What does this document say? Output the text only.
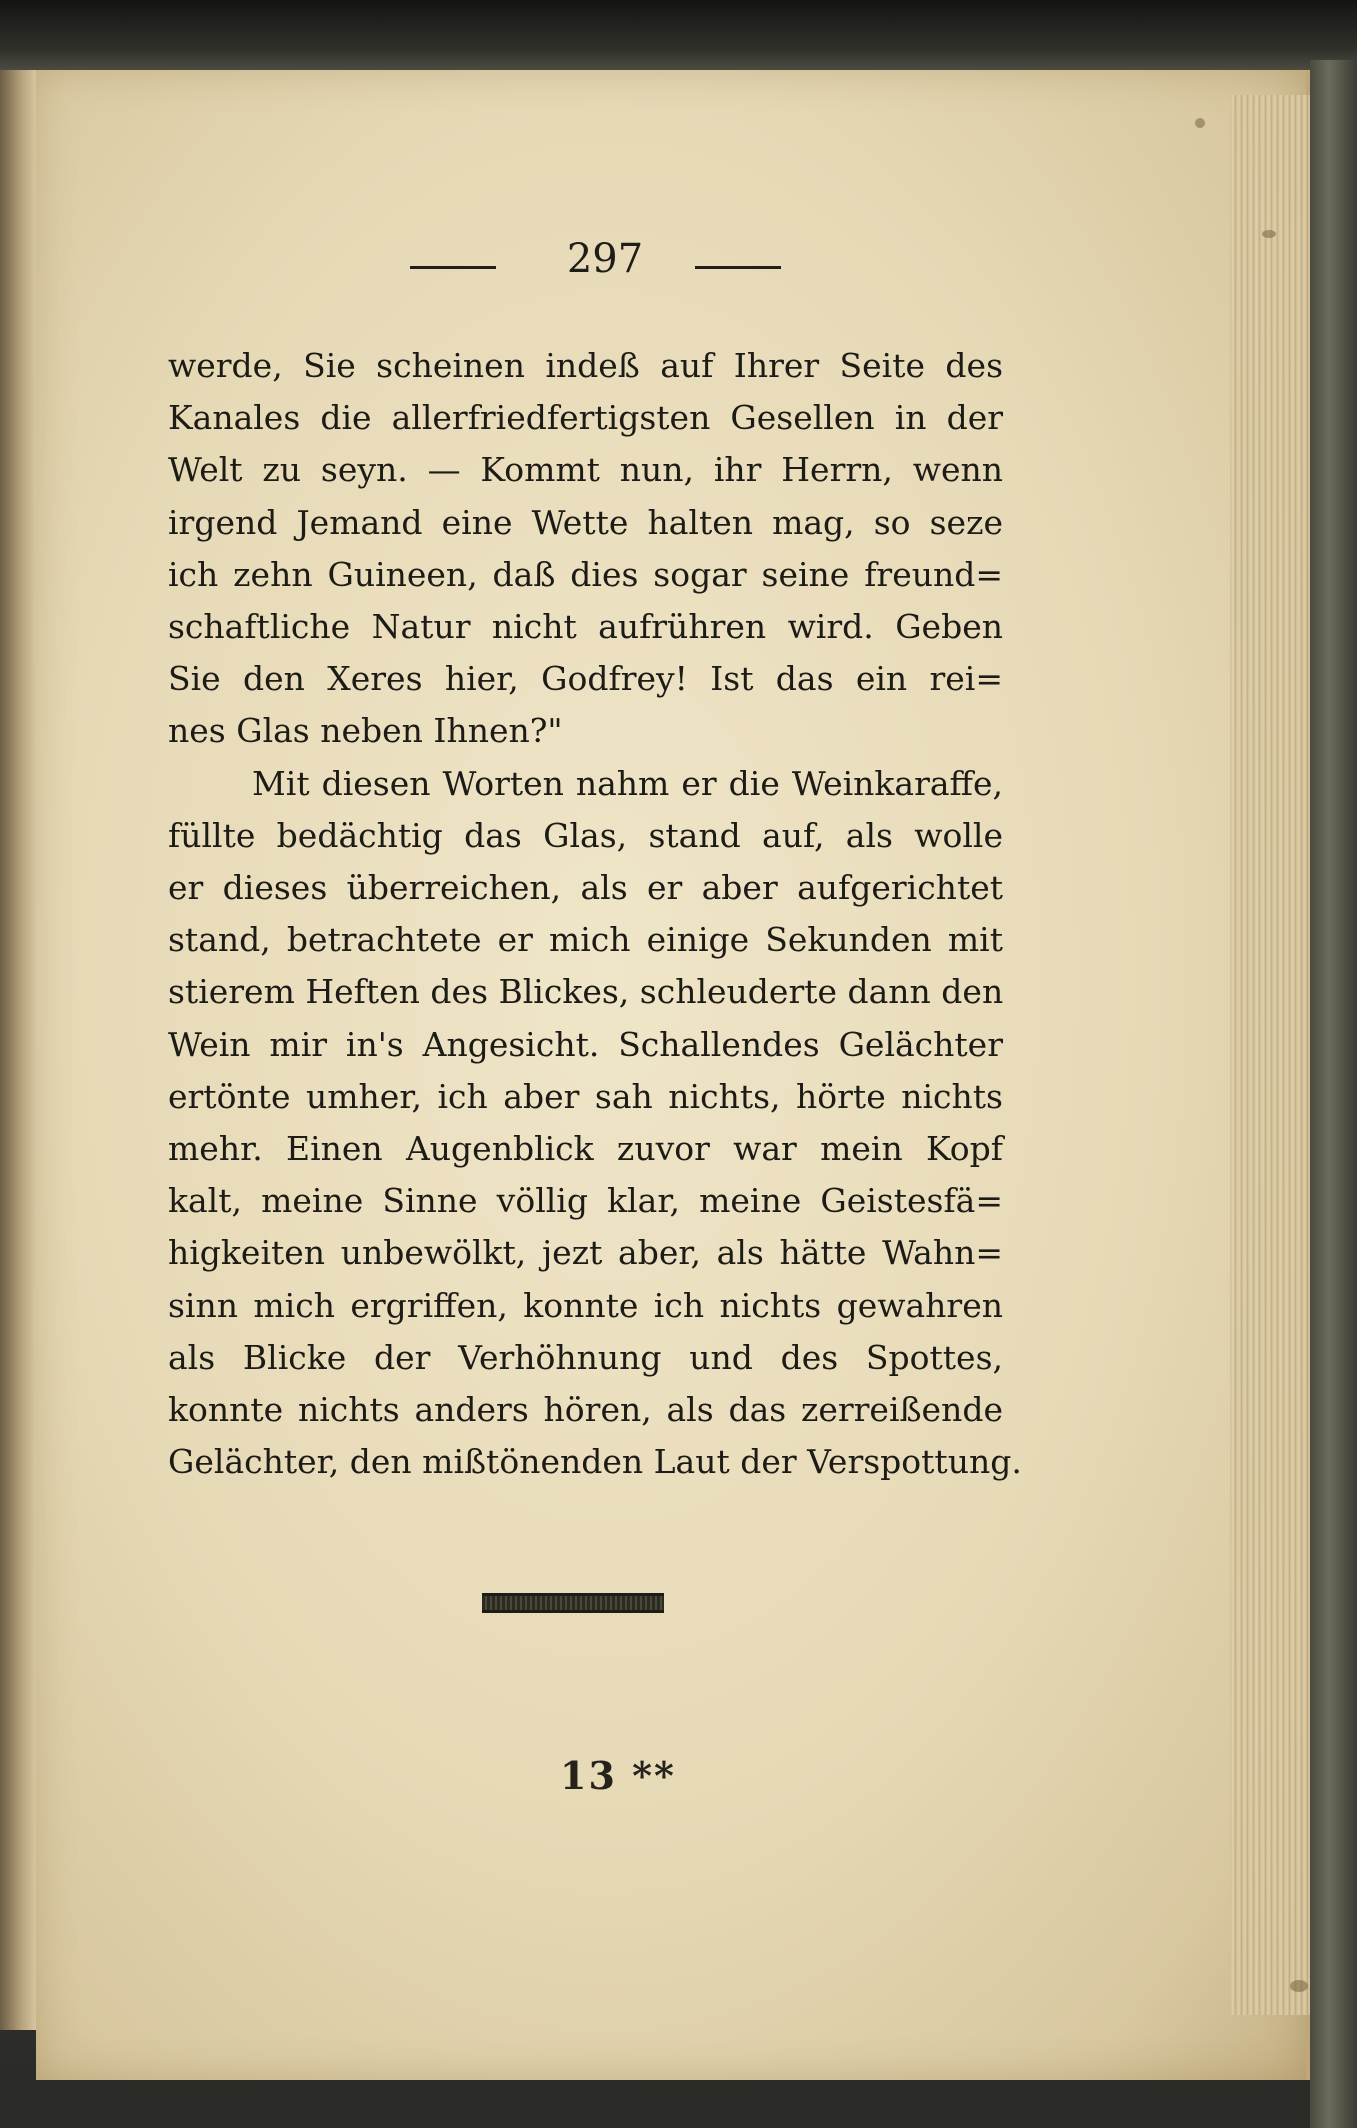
297
werde, Sie scheinen indeß auf Ihrer Seite des
Kanales die allerfriedfertigsten Gesellen in der
Welt zu seyn. — Kommt nun, ihr Herrn, wenn
irgend Jemand eine Wette halten mag, so seze
ich zehn Guineen, daß dies sogar seine freund=
schaftliche Natur nicht aufrühren wird. Geben
Sie den Xeres hier, Godfrey! Ist das ein rei=
nes Glas neben Ihnen?"
Mit diesen Worten nahm er die Weinkaraffe,
füllte bedächtig das Glas, stand auf, als wolle
er dieses überreichen, als er aber aufgerichtet
stand, betrachtete er mich einige Sekunden mit
stierem Heften des Blickes, schleuderte dann den
Wein mir in's Angesicht. Schallendes Gelächter
ertönte umher, ich aber sah nichts, hörte nichts
mehr. Einen Augenblick zuvor war mein Kopf
kalt, meine Sinne völlig klar, meine Geistesfä=
higkeiten unbewölkt, jezt aber, als hätte Wahn=
sinn mich ergriffen, konnte ich nichts gewahren
als Blicke der Verhöhnung und des Spottes,
konnte nichts anders hören, als das zerreißende
Gelächter, den mißtönenden Laut der Verspottung.
13 **
